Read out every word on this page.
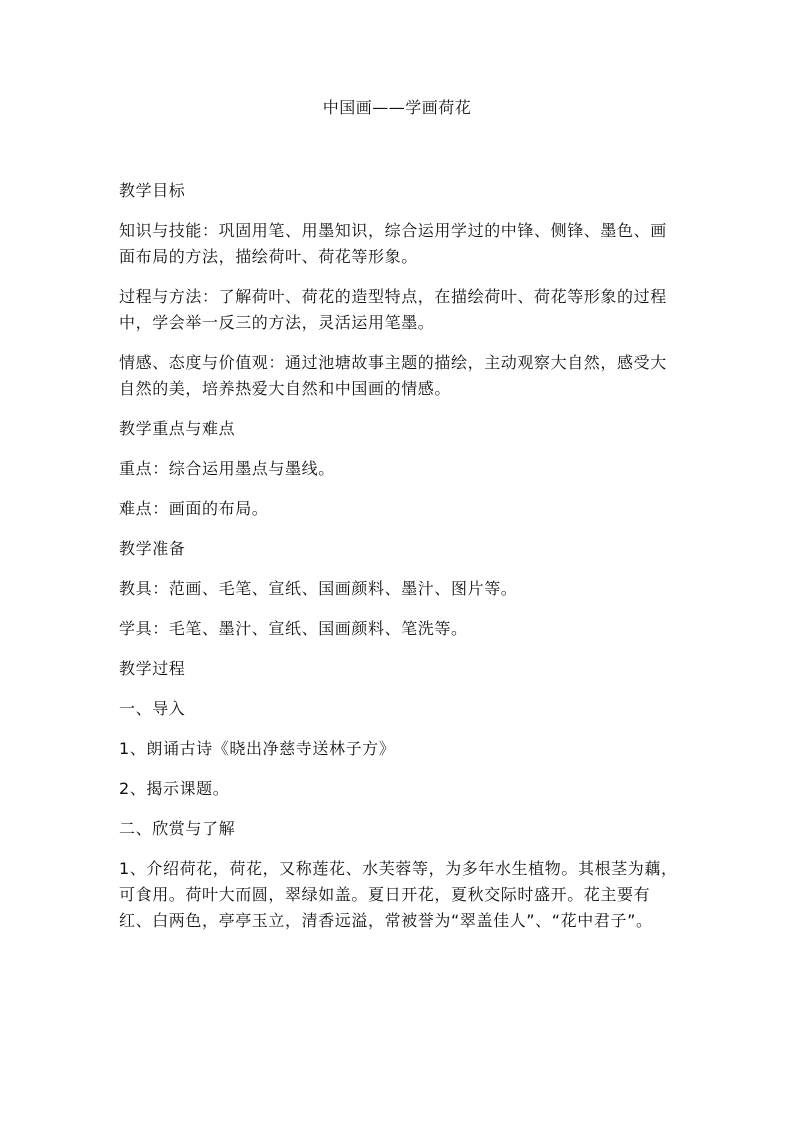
中国画——学画荷花

教学目标

知识与技能：巩固用笔、用墨知识，综合运用学过的中锋、侧锋、墨色、画面布局的方法，描绘荷叶、荷花等形象。

过程与方法：了解荷叶、荷花的造型特点，在描绘荷叶、荷花等形象的过程中，学会举一反三的方法，灵活运用笔墨。

情感、态度与价值观：通过池塘故事主题的描绘，主动观察大自然，感受大自然的美，培养热爱大自然和中国画的情感。

教学重点与难点

重点：综合运用墨点与墨线。

难点：画面的布局。

教学准备

教具：范画、毛笔、宣纸、国画颜料、墨汁、图片等。

学具：毛笔、墨汁、宣纸、国画颜料、笔洗等。

教学过程

一、导入

1、朗诵古诗《晓出净慈寺送林子方》

2、揭示课题。

二、欣赏与了解

1、介绍荷花，荷花，又称莲花、水芙蓉等，为多年水生植物。其根茎为藕，可食用。荷叶大而圆，翠绿如盖。夏日开花，夏秋交际时盛开。花主要有红、白两色，亭亭玉立，清香远溢，常被誉为“翠盖佳人”、“花中君子”。
